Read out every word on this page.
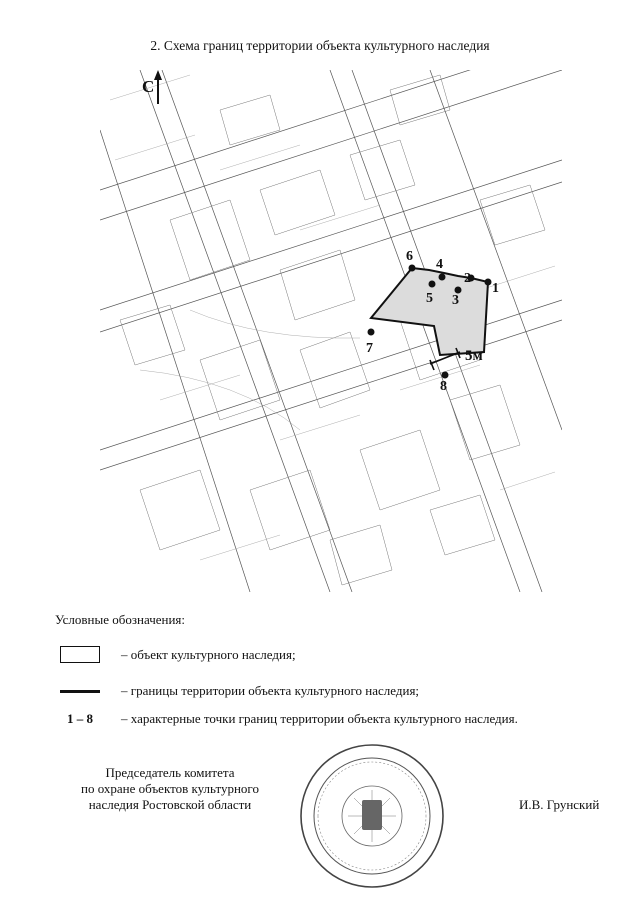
2. Схема границ территории объекта культурного наследия
1
2
3
4
5
6
7
8
5м
С
Условные обозначения:
– объект культурного наследия;
– границы территории объекта культурного наследия;
1 – 8	– характерные точки границ территории объекта культурного наследия.
Председатель комитета
по охране объектов культурного
наследия Ростовской области	И.В. Грунский
